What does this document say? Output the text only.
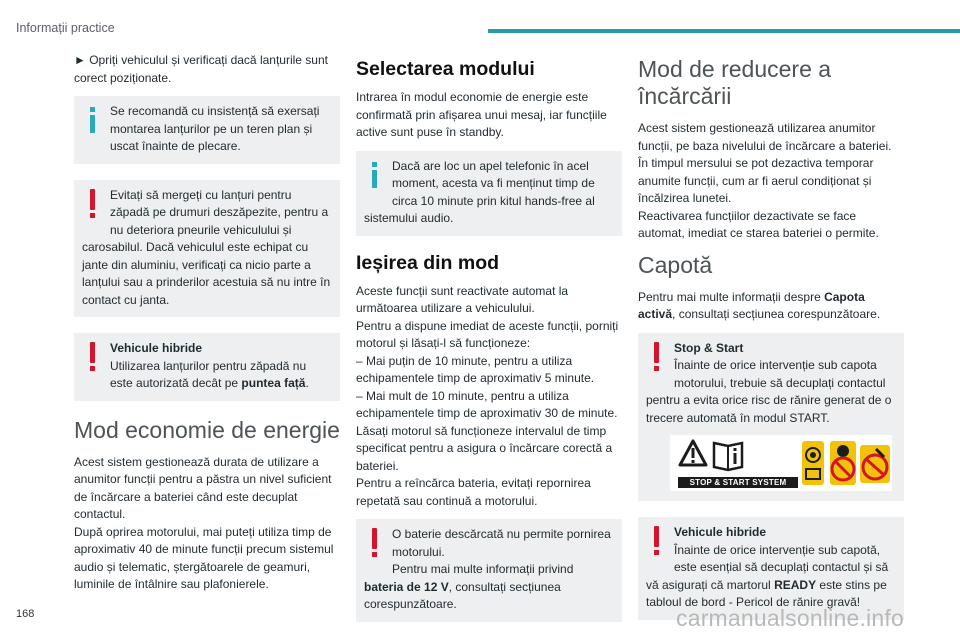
Informații practice

► Opriți vehiculul și verificați dacă lanțurile sunt corect poziționate.

Se recomandă cu insistență să exersați montarea lanțurilor pe un teren plan și uscat înainte de plecare.

Evitați să mergeți cu lanțuri pentru zăpadă pe drumuri deszăpezite, pentru a nu deteriora pneurile vehiculului și carosabilul. Dacă vehiculul este echipat cu jante din aluminiu, verificați ca nicio parte a lanțului sau a prinderilor acestuia să nu intre în contact cu janta.

Vehicule hibride
Utilizarea lanțurilor pentru zăpadă nu este autorizată decât pe puntea față.

Mod economie de energie

Acest sistem gestionează durata de utilizare a anumitor funcții pentru a păstra un nivel suficient de încărcare a bateriei când este decuplat contactul.

După oprirea motorului, mai puteți utiliza timp de aproximativ 40 de minute funcții precum sistemul audio și telematic, ștergătoarele de geamuri, luminile de întâlnire sau plafonierele.

Selectarea modului

Intrarea în modul economie de energie este confirmată prin afișarea unui mesaj, iar funcțiile active sunt puse în standby.

Dacă are loc un apel telefonic în acel moment, acesta va fi menținut timp de circa 10 minute prin kitul hands-free al sistemului audio.

Ieșirea din mod

Aceste funcții sunt reactivate automat la următoarea utilizare a vehiculului.
Pentru a dispune imediat de aceste funcții, porniți motorul și lăsați-l să funcționeze:
– Mai puțin de 10 minute, pentru a utiliza echipamentele timp de aproximativ 5 minute.
– Mai mult de 10 minute, pentru a utiliza echipamentele timp de aproximativ 30 de minute.
Lăsați motorul să funcționeze intervalul de timp specificat pentru a asigura o încărcare corectă a bateriei.
Pentru a reîncărca bateria, evitați repornirea repetată sau continuă a motorului.

O baterie descărcată nu permite pornirea motorului.
Pentru mai multe informații privind bateria de 12 V, consultați secțiunea corespunzătoare.

Mod de reducere a încărcării

Acest sistem gestionează utilizarea anumitor funcții, pe baza nivelului de încărcare a bateriei.
În timpul mersului se pot dezactiva temporar anumite funcții, cum ar fi aerul condiționat și încălzirea lunetei.
Reactivarea funcțiilor dezactivate se face automat, imediat ce starea bateriei o permite.

Capotă

Pentru mai multe informații despre Capota activă, consultați secțiunea corespunzătoare.

Stop & Start
Înainte de orice intervenție sub capota motorului, trebuie să decuplați contactul pentru a evita orice risc de rănire generat de o trecere automată în modul START.

STOP & START SYSTEM

Vehicule hibride
Înainte de orice intervenție sub capotă, este esențial să decuplați contactul și să vă asigurați că martorul READY este stins pe tabloul de bord - Pericol de rănire gravă!

168	carmanualsonline.info
